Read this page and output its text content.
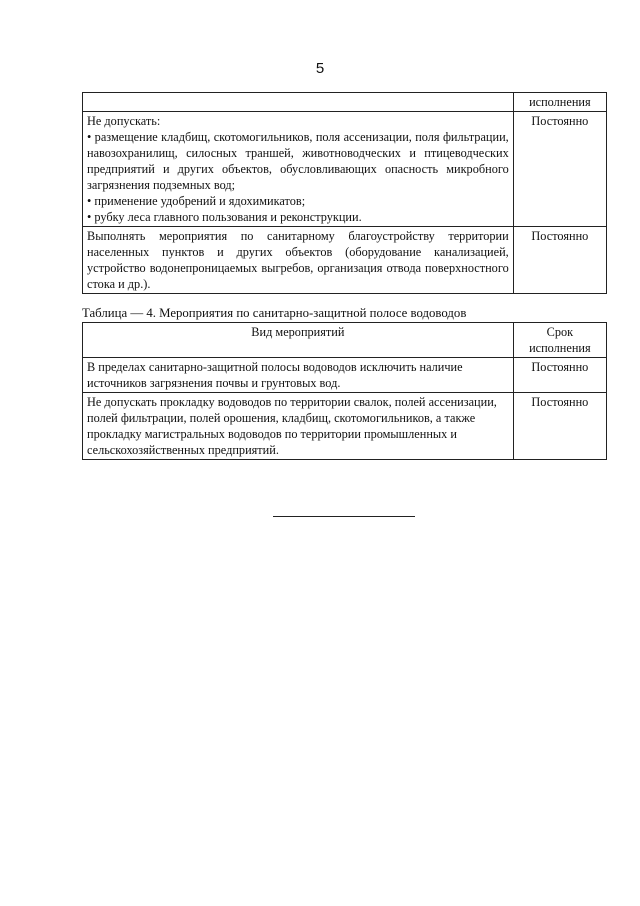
5
	исполнения

Не допускать:
• размещение кладбищ, скотомогильников, поля ассенизации, поля фильтрации, навозохранилищ, силосных траншей, животноводческих и птицеводческих предприятий и других объектов, обусловливающих опасность микробного загрязнения подземных вод;
• применение удобрений и ядохимикатов;
• рубку леса главного пользования и реконструкции.	Постоянно

Выполнять мероприятия по санитарному благоустройству территории населенных пунктов и других объектов (оборудование канализацией, устройство водонепроницаемых выгребов, организация отвода поверхностного стока и др.).	Постоянно
Таблица — 4. Мероприятия по санитарно-защитной полосе водоводов
Вид мероприятий	Срок исполнения
В пределах санитарно-защитной полосы водоводов исключить наличие источников загрязнения почвы и грунтовых вод.	Постоянно
Не допускать прокладку водоводов по территории свалок, полей ассенизации, полей фильтрации, полей орошения, кладбищ, скотомогильников, а также прокладку магистральных водоводов по территории промышленных и сельскохозяйственных предприятий.	Постоянно
